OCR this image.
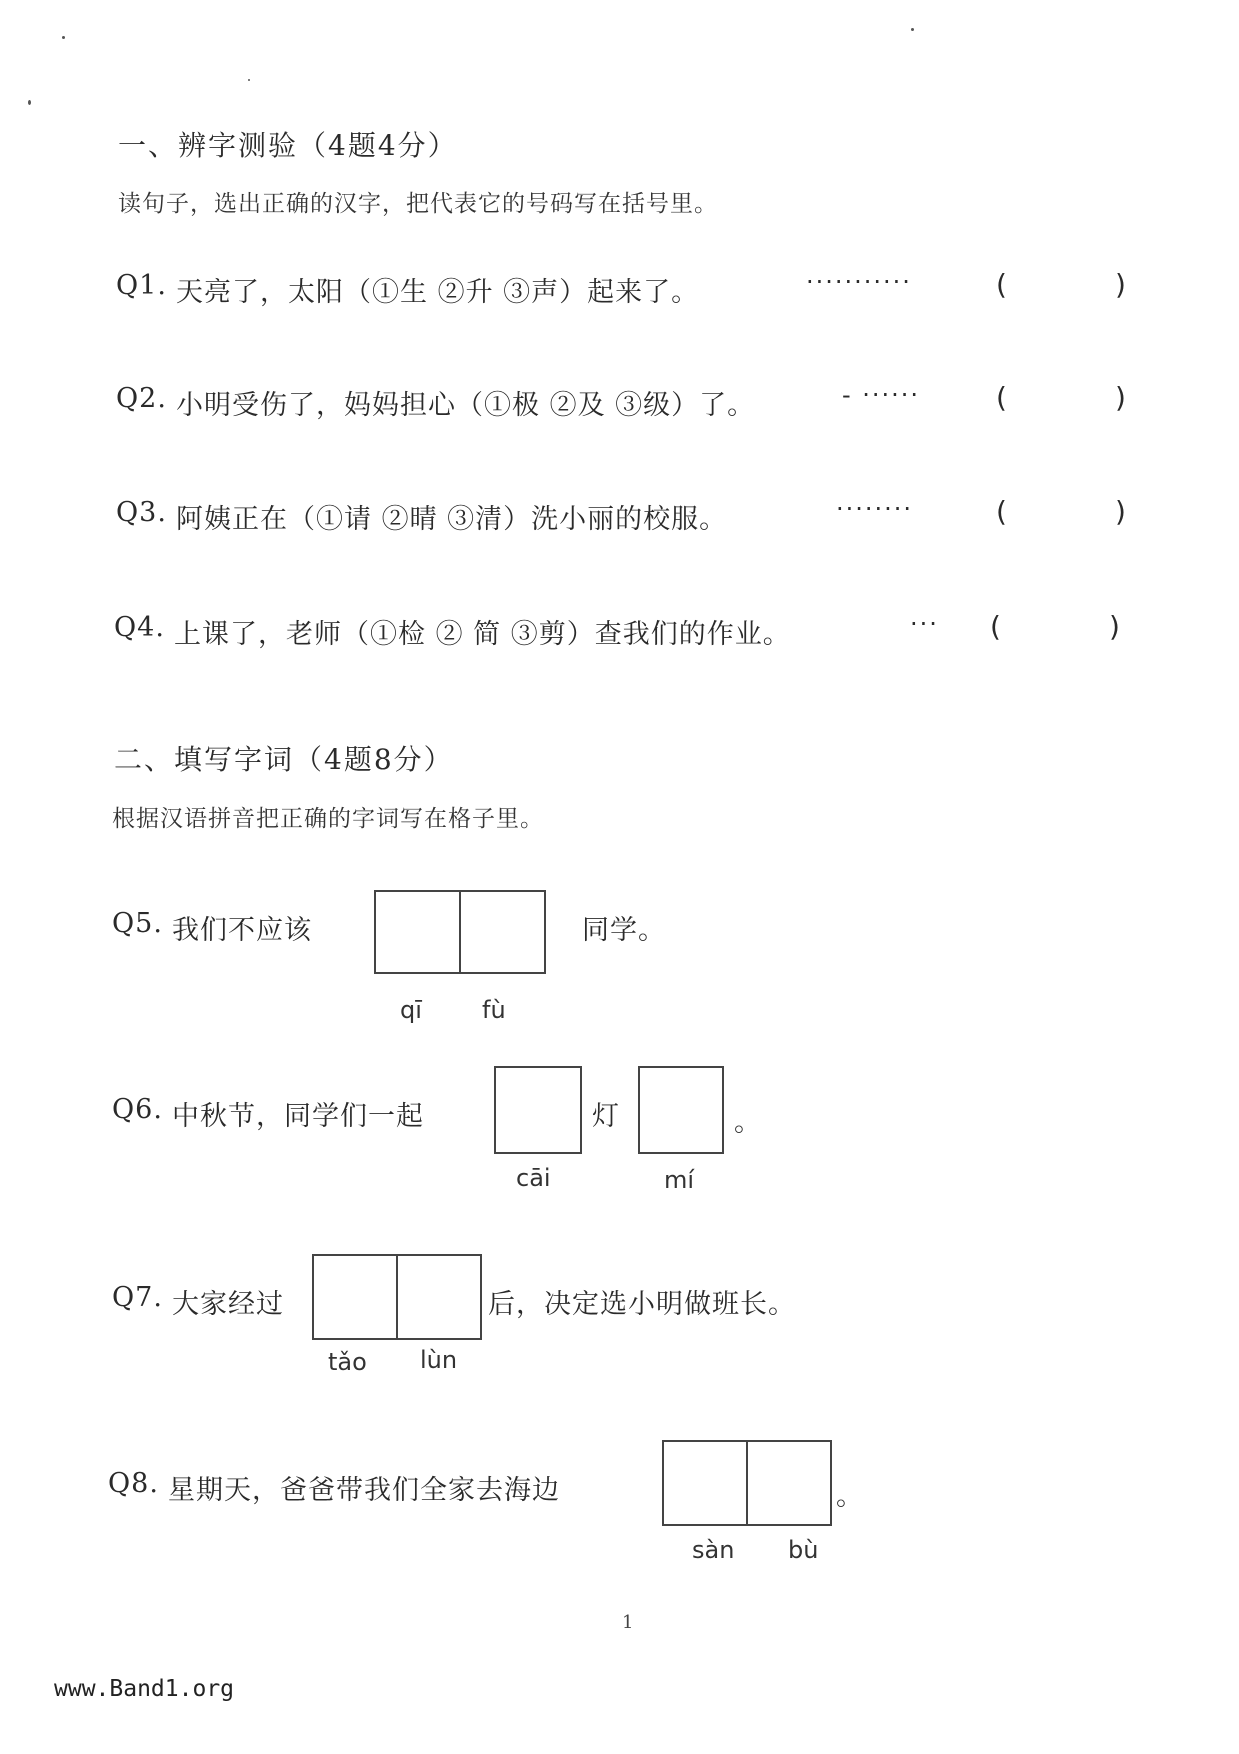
一、辨字测验（4题4分）
读句子，选出正确的汉字，把代表它的号码写在括号里。
Q1. 天亮了，太阳（①生 ②升 ③声）起来了。	···········	(	)
Q2. 小明受伤了，妈妈担心（①极 ②及 ③级）了。	- ······	(	)
Q3. 阿姨正在（①请 ②晴 ③清）洗小丽的校服。	········	(	)
Q4. 上课了，老师（①检 ② 简 ③剪）查我们的作业。	··· (	)
二、填写字词（4题8分）
根据汉语拼音把正确的字词写在格子里。
Q5. 我们不应该	同学。
qī	fù
Q6. 中秋节，同学们一起	灯	。
cāi	mí
Q7. 大家经过	后，决定选小明做班长。
tǎo lùn
Q8. 星期天，爸爸带我们全家去海边	。
sàn bù
1
www.Band1.org
